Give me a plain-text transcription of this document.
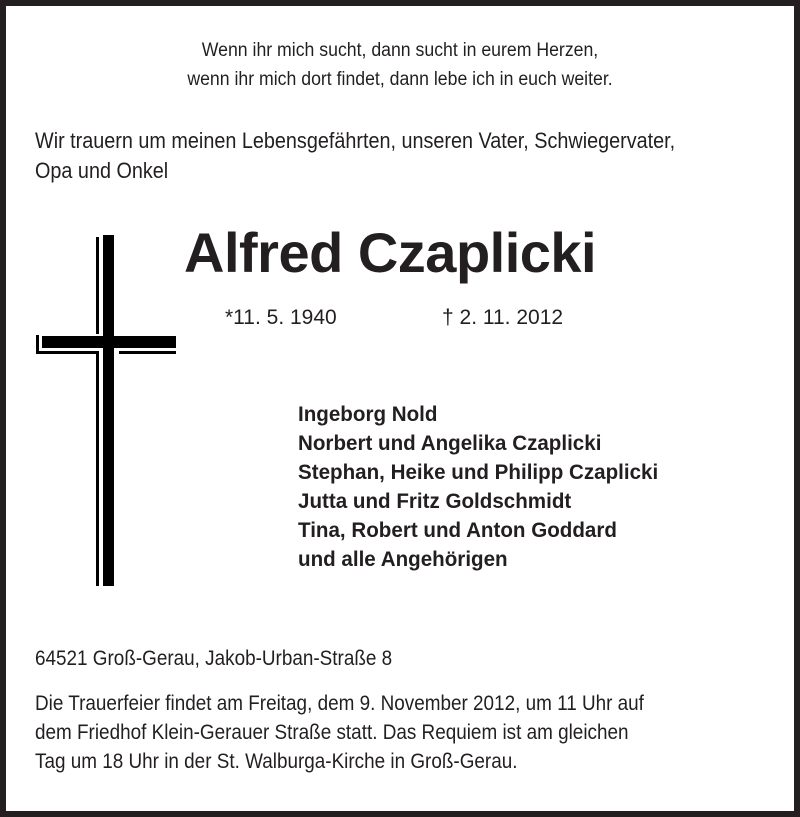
Wenn ihr mich sucht, dann sucht in eurem Herzen,
wenn ihr mich dort findet, dann lebe ich in euch weiter.
Wir trauern um meinen Lebensgefährten, unseren Vater, Schwiegervater,
Opa und Onkel
Alfred Czaplicki
*11. 5. 1940	† 2. 11. 2012
Ingeborg Nold
Norbert und Angelika Czaplicki
Stephan, Heike und Philipp Czaplicki
Jutta und Fritz Goldschmidt
Tina, Robert und Anton Goddard
und alle Angehörigen
64521 Groß-Gerau, Jakob-Urban-Straße 8
Die Trauerfeier findet am Freitag, dem 9. November 2012, um 11 Uhr auf
dem Friedhof Klein-Gerauer Straße statt. Das Requiem ist am gleichen
Tag um 18 Uhr in der St. Walburga-Kirche in Groß-Gerau.
